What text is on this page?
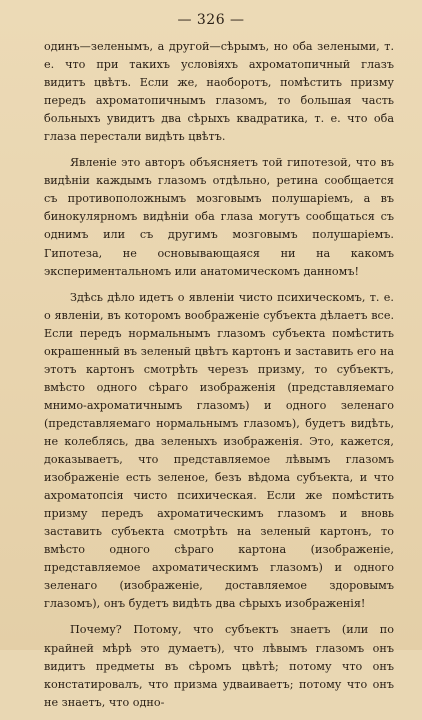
— 326 —

одинъ—зеленымъ, а другой—сѣрымъ, но оба зелеными, т. е. что при такихъ условіяхъ ахроматопичный глазъ видитъ цвѣтъ. Если же, наоборотъ, помѣстить призму передъ ахроматопичнымъ глазомъ, то большая часть больныхъ увидитъ два сѣрыхъ квадратика, т. е. что оба глаза перестали видѣть цвѣтъ.

Явленіе это авторъ объясняетъ той гипотезой, что въ видѣніи каждымъ глазомъ отдѣльно, ретина сообщается съ противоположнымъ мозговымъ полушаріемъ, а въ бинокулярномъ видѣніи оба глаза могутъ сообщаться съ однимъ или съ другимъ мозговымъ полушаріемъ. Гипотеза, не основывающаяся ни на какомъ экспериментальномъ или анатомическомъ данномъ!

Здѣсь дѣло идетъ о явленіи чисто психическомъ, т. е. о явленіи, въ которомъ воображеніе субъекта дѣлаетъ все. Если передъ нормальнымъ глазомъ субъекта помѣстить окрашенный въ зеленый цвѣтъ картонъ и заставить его на этотъ картонъ смотрѣть черезъ призму, то субъектъ, вмѣсто одного сѣраго изображенія (представляемаго мнимо-ахроматичнымъ глазомъ) и одного зеленаго (представляемаго нормальнымъ глазомъ), будетъ видѣть, не колеблясь, два зеленыхъ изображенія. Это, кажется, доказываетъ, что представляемое лѣвымъ глазомъ изображеніе есть зеленое, безъ вѣдома субъекта, и что ахроматопсія чисто психическая. Если же помѣстить призму передъ ахроматическимъ глазомъ и вновь заставить субъекта смотрѣть на зеленый картонъ, то вмѣсто одного сѣраго картона (изображеніе, представляемое ахроматическимъ глазомъ) и одного зеленаго (изображеніе, доставляемое здоровымъ глазомъ), онъ будетъ видѣть два сѣрыхъ изображенія!

Почему? Потому, что субъектъ знаетъ (или по крайней мѣрѣ это думаетъ), что лѣвымъ глазомъ онъ видитъ предметы въ сѣромъ цвѣтѣ; потому что онъ констатировалъ, что призма удваиваетъ; потому что онъ не знаетъ, что одно-
